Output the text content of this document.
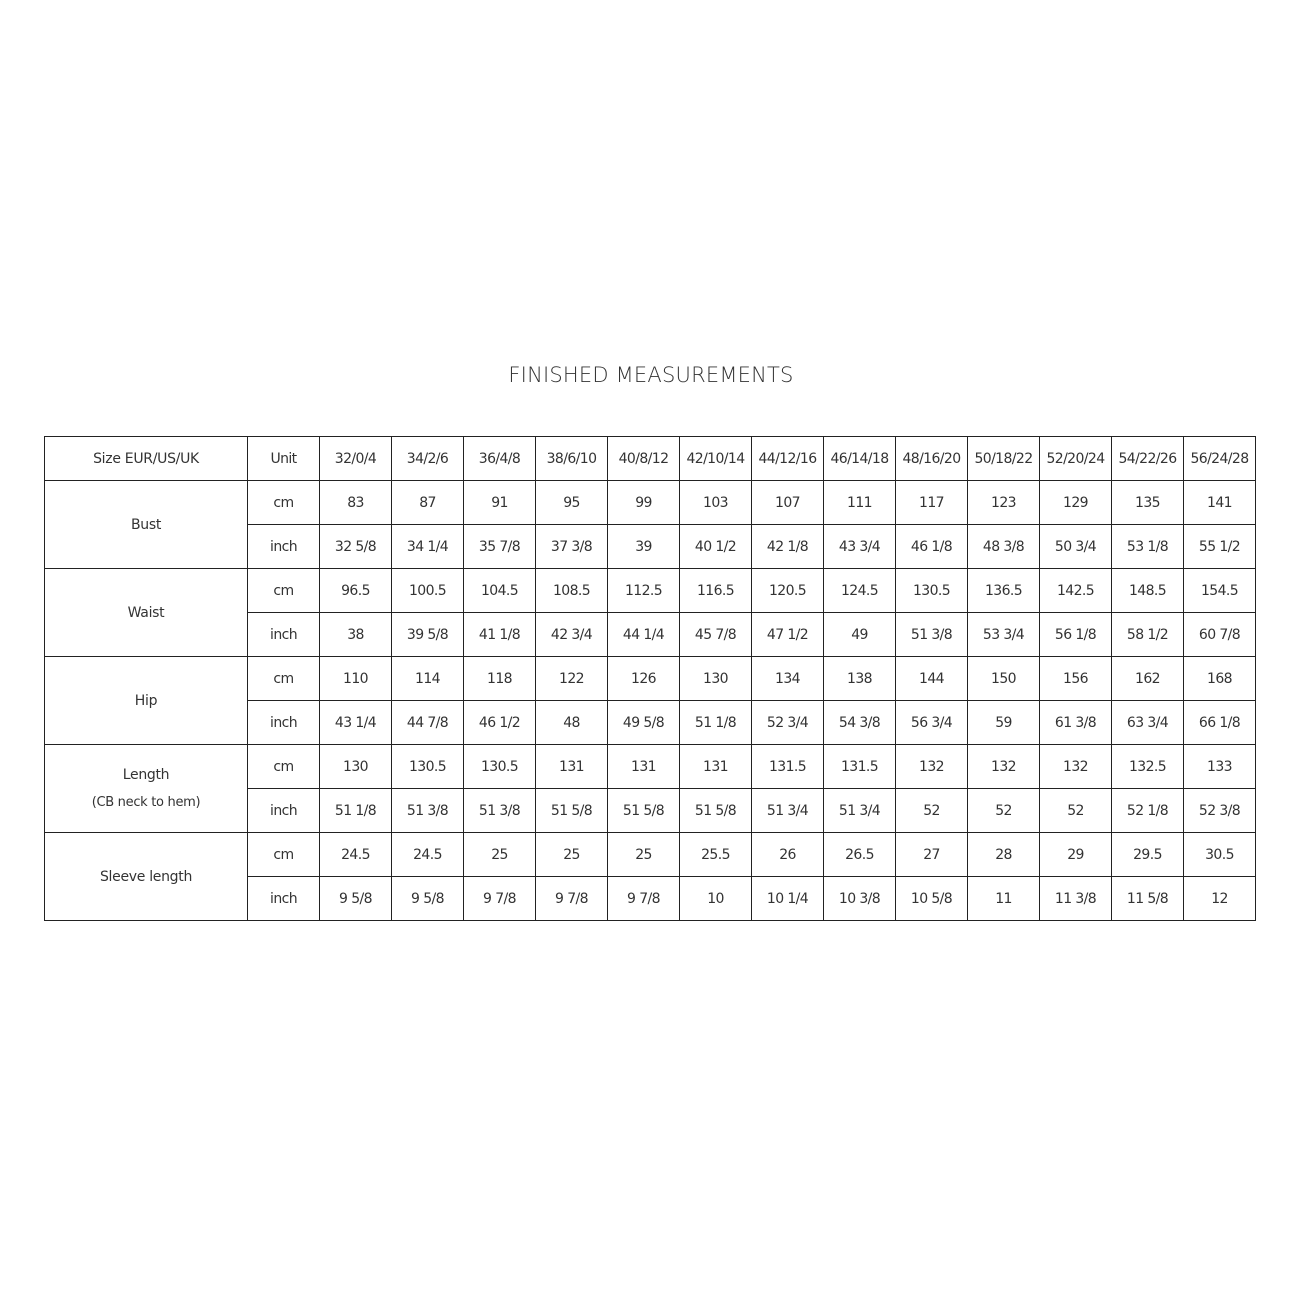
FINISHED MEASUREMENTS
Size EUR/US/UK	Unit	32/0/4	34/2/6	36/4/8	38/6/10	40/8/12	42/10/14	44/12/16	46/14/18	48/16/20	50/18/22	52/20/24	54/22/26	56/24/28
Bust	cm	83	87	91	95	99	103	107	111	117	123	129	135	141
	inch	32 5/8	34 1/4	35 7/8	37 3/8	39	40 1/2	42 1/8	43 3/4	46 1/8	48 3/8	50 3/4	53 1/8	55 1/2
Waist	cm	96.5	100.5	104.5	108.5	112.5	116.5	120.5	124.5	130.5	136.5	142.5	148.5	154.5
	inch	38	39 5/8	41 1/8	42 3/4	44 1/4	45 7/8	47 1/2	49	51 3/8	53 3/4	56 1/8	58 1/2	60 7/8
Hip	cm	110	114	118	122	126	130	134	138	144	150	156	162	168
	inch	43 1/4	44 7/8	46 1/2	48	49 5/8	51 1/8	52 3/4	54 3/8	56 3/4	59	61 3/8	63 3/4	66 1/8
Length
(CB neck to hem)	cm	130	130.5	130.5	131	131	131	131.5	131.5	132	132	132	132.5	133
	inch	51 1/8	51 3/8	51 3/8	51 5/8	51 5/8	51 5/8	51 3/4	51 3/4	52	52	52	52 1/8	52 3/8
Sleeve length	cm	24.5	24.5	25	25	25	25.5	26	26.5	27	28	29	29.5	30.5
	inch	9 5/8	9 5/8	9 7/8	9 7/8	9 7/8	10	10 1/4	10 3/8	10 5/8	11	11 3/8	11 5/8	12
